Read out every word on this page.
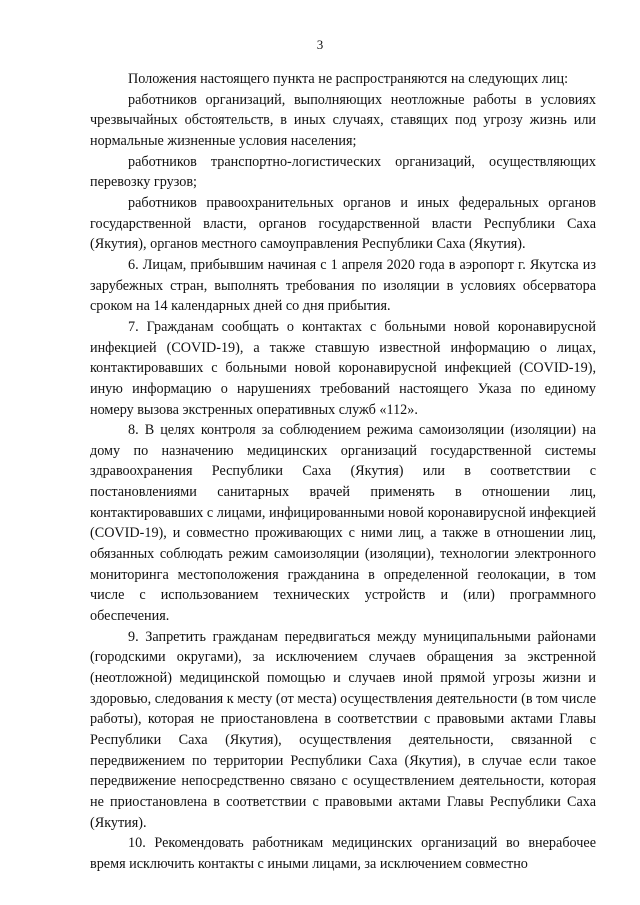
3

Положения настоящего пункта не распространяются на следующих лиц:

работников организаций, выполняющих неотложные работы в условиях чрезвычайных обстоятельств, в иных случаях, ставящих под угрозу жизнь или нормальные жизненные условия населения;

работников транспортно-логистических организаций, осуществляющих перевозку грузов;

работников правоохранительных органов и иных федеральных органов государственной власти, органов государственной власти Республики Саха (Якутия), органов местного самоуправления Республики Саха (Якутия).

6. Лицам, прибывшим начиная с 1 апреля 2020 года в аэропорт г. Якутска из зарубежных стран, выполнять требования по изоляции в условиях обсерватора сроком на 14 календарных дней со дня прибытия.

7. Гражданам сообщать о контактах с больными новой коронавирусной инфекцией (COVID-19), а также ставшую известной информацию о лицах, контактировавших с больными новой коронавирусной инфекцией (COVID-19), иную информацию о нарушениях требований настоящего Указа по единому номеру вызова экстренных оперативных служб «112».

8. В целях контроля за соблюдением режима самоизоляции (изоляции) на дому по назначению медицинских организаций государственной системы здравоохранения Республики Саха (Якутия) или в соответствии с постановлениями санитарных врачей применять в отношении лиц, контактировавших с лицами, инфицированными новой коронавирусной инфекцией (COVID-19), и совместно проживающих с ними лиц, а также в отношении лиц, обязанных соблюдать режим самоизоляции (изоляции), технологии электронного мониторинга местоположения гражданина в определенной геолокации, в том числе с использованием технических устройств и (или) программного обеспечения.

9. Запретить гражданам передвигаться между муниципальными районами (городскими округами), за исключением случаев обращения за экстренной (неотложной) медицинской помощью и случаев иной прямой угрозы жизни и здоровью, следования к месту (от места) осуществления деятельности (в том числе работы), которая не приостановлена в соответствии с правовыми актами Главы Республики Саха (Якутия), осуществления деятельности, связанной с передвижением по территории Республики Саха (Якутия), в случае если такое передвижение непосредственно связано с осуществлением деятельности, которая не приостановлена в соответствии с правовыми актами Главы Республики Саха (Якутия).

10. Рекомендовать работникам медицинских организаций во внерабочее время исключить контакты с иными лицами, за исключением совместно
